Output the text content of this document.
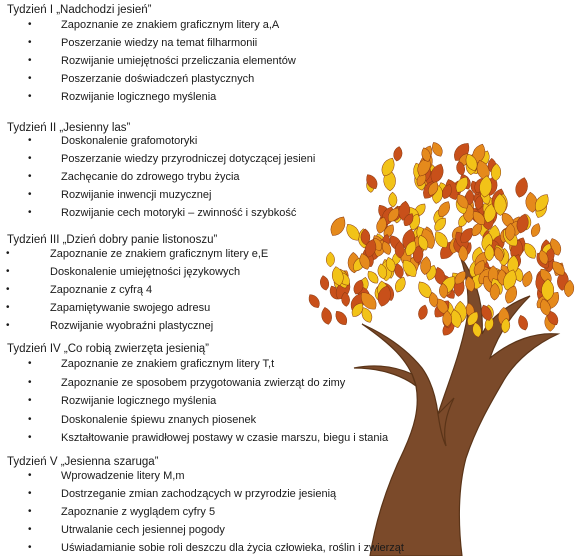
Tydzień I „Nadchodzi jesień”
•	Zapoznanie ze znakiem graficznym litery a,A
•	Poszerzanie wiedzy na temat filharmonii
•	Rozwijanie umiejętności przeliczania elementów
•	Poszerzanie doświadczeń plastycznych
•	Rozwijanie logicznego myślenia
Tydzień II „Jesienny las”
•	Doskonalenie grafomotoryki
•	Poszerzanie wiedzy przyrodniczej dotyczącej jesieni
•	Zachęcanie do zdrowego trybu życia
•	Rozwijanie inwencji muzycznej
•	Rozwijanie cech motoryki – zwinność i szybkość
Tydzień III „Dzień dobry panie listonoszu”
•	Zapoznanie ze znakiem graficznym litery e,E
•	Doskonalenie umiejętności językowych
•	Zapoznanie z cyfrą 4
•	Zapamiętywanie swojego adresu
•	Rozwijanie wyobraźni plastycznej
Tydzień IV „Co robią zwierzęta jesienią”
•	Zapoznanie ze znakiem graficznym litery T,t
•	Zapoznanie ze sposobem przygotowania zwierząt do zimy
•	Rozwijanie logicznego myślenia
•	Doskonalenie śpiewu znanych piosenek
•	Kształtowanie prawidłowej postawy w czasie marszu, biegu i stania
Tydzień V „Jesienna szaruga”
•	Wprowadzenie litery M,m
•	Dostrzeganie zmian zachodzących w przyrodzie jesienią
•	Zapoznanie z wyglądem cyfry 5
•	Utrwalanie cech jesiennej pogody
•	Uświadamianie sobie roli deszczu dla życia człowieka, roślin i zwierząt
